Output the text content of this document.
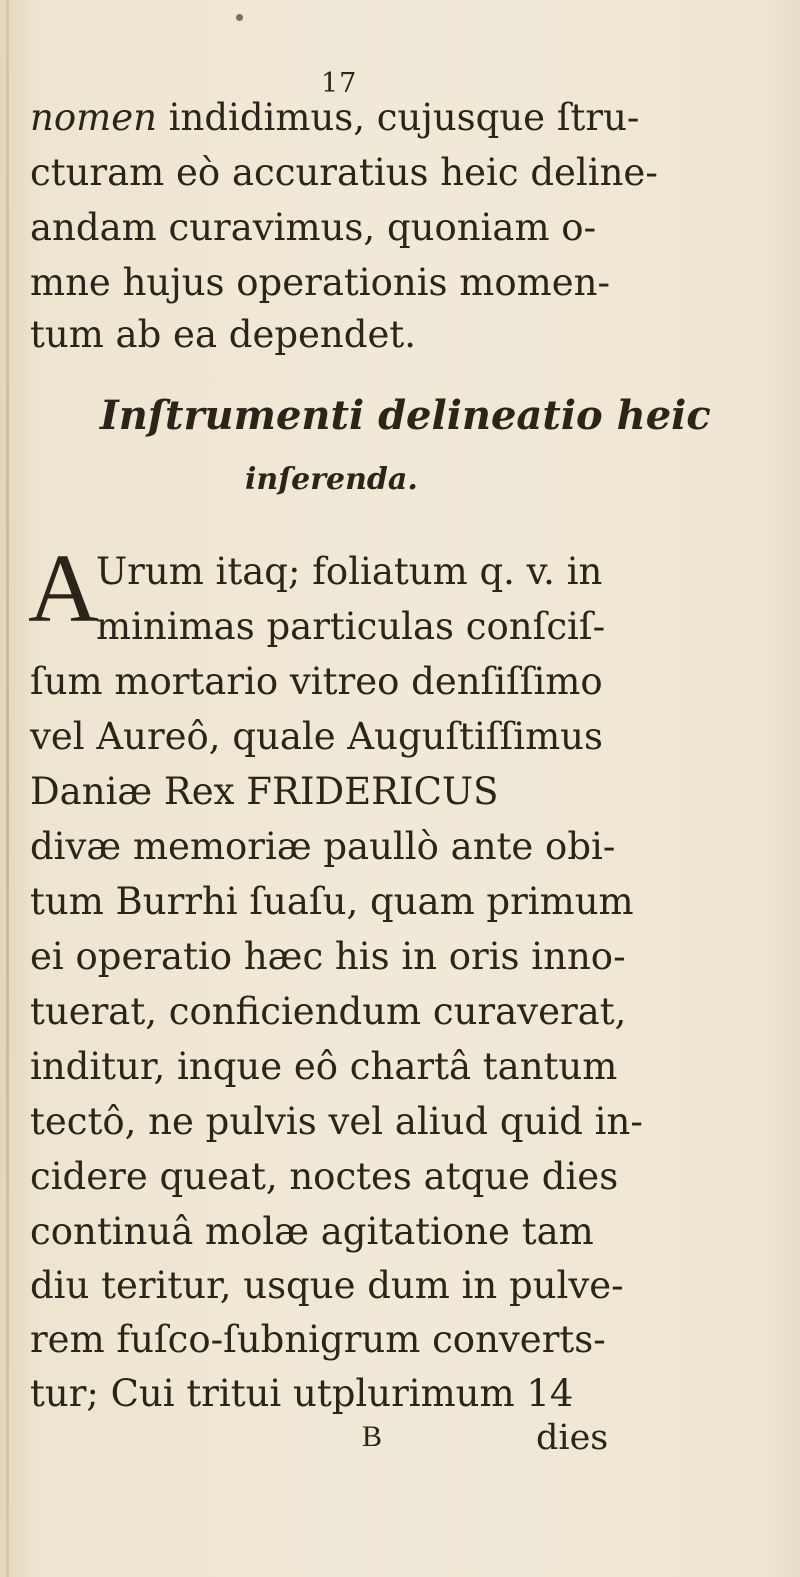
17
nomen indidimus, cujusque ſtru-
cturam eò accuratius heic deline-
andam curavimus, quoniam o-
mne hujus operationis momen-
tum ab ea dependet.
Inſtrumenti delineatio heic
inſerenda.
A
Urum itaq; foliatum q. v. in
minimas particulas conſciſ-
ſum mortario vitreo denſiſſimo
vel Aureô, quale Auguſtiſſimus
Daniæ Rex FRIDERICUS
divæ memoriæ paullò ante obi-
tum Burrhi ſuaſu, quam primum
ei operatio hæc his in oris inno-
tuerat, conficiendum curaverat,
inditur, inque eô chartâ tantum
tectô, ne pulvis vel aliud quid in-
cidere queat, noctes atque dies
continuâ molæ agitatione tam
diu teritur, usque dum in pulve-
rem fuſco-ſubnigrum converts-
tur; Cui tritui utplurimum 14
B	dies
